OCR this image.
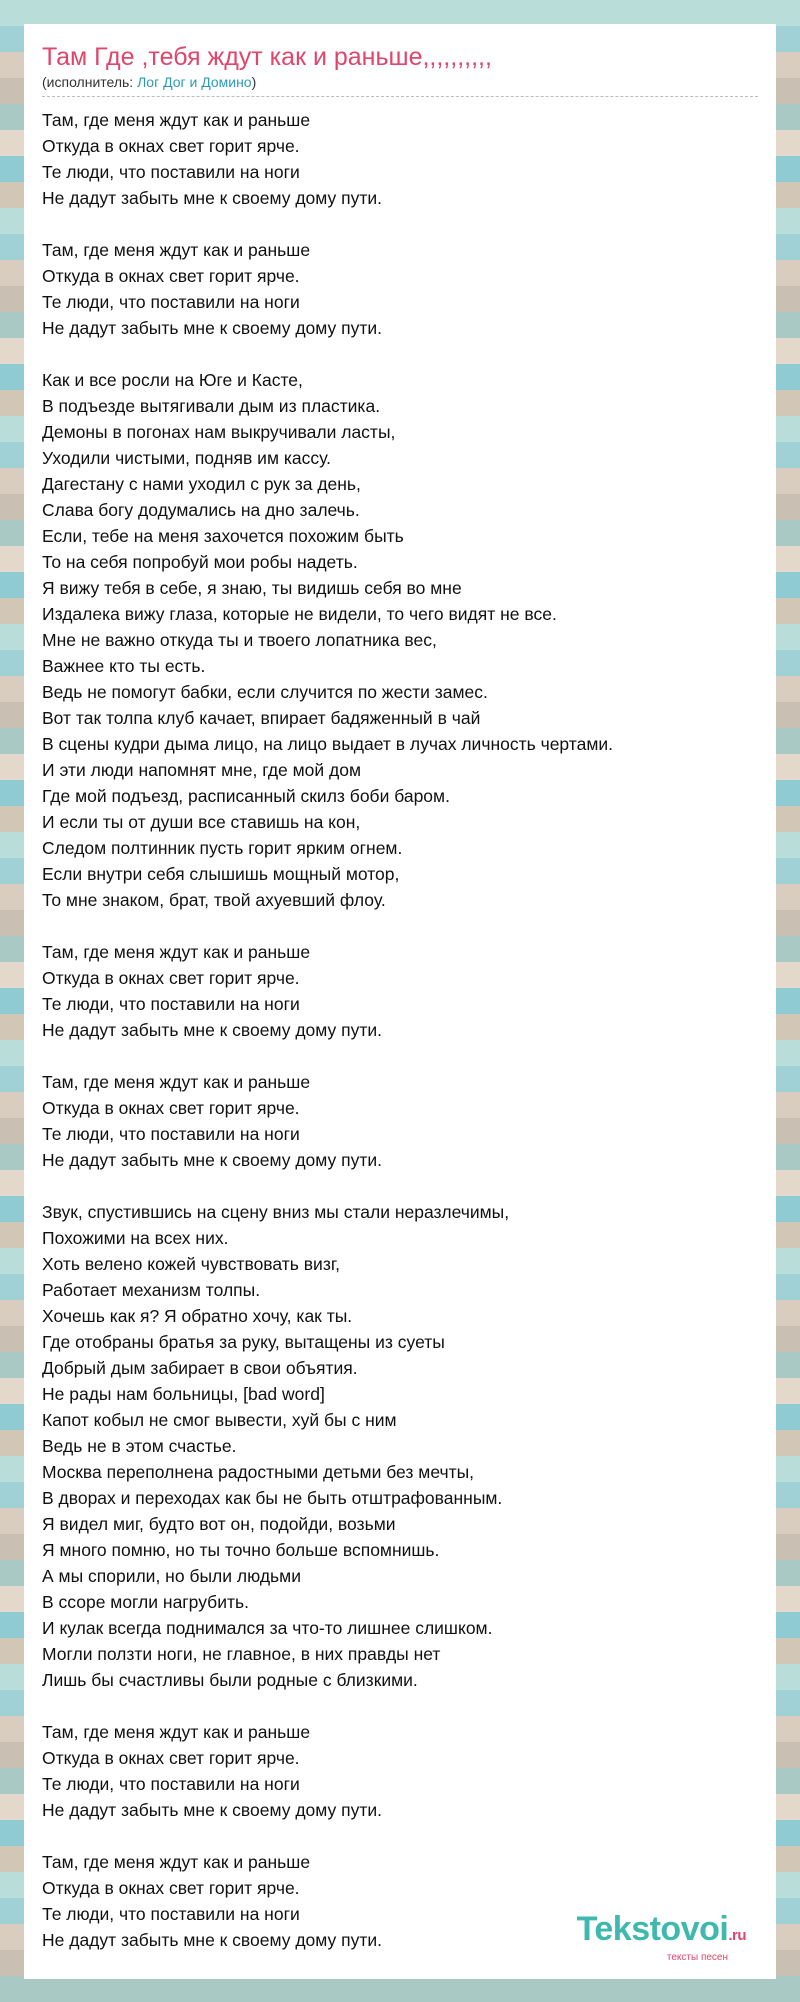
Там Где ,тебя ждут как и раньше,,,,,,,,,,
(исполнитель: Лог Дог и Домино)
Там, где меня ждут как и раньше
Откуда в окнах свет горит ярче.
Те люди, что поставили на ноги
Не дадут забыть мне к своему дому пути.
Там, где меня ждут как и раньше
Откуда в окнах свет горит ярче.
Те люди, что поставили на ноги
Не дадут забыть мне к своему дому пути.
Как и все росли на Юге и Касте,
В подъезде вытягивали дым из пластика.
Демоны в погонах нам выкручивали ласты,
Уходили чистыми, подняв им кассу.
Дагестану с нами уходил с рук за день,
Слава богу додумались на дно залечь.
Если, тебе на меня захочется похожим быть
То на себя попробуй мои робы надеть.
Я вижу тебя в себе, я знаю, ты видишь себя во мне
Издалека вижу глаза, которые не видели, то чего видят не все.
Мне не важно откуда ты и твоего лопатника вес,
Важнее кто ты есть.
Ведь не помогут бабки, если случится по жести замес.
Вот так толпа клуб качает, впирает бадяженный в чай
В сцены кудри дыма лицо, на лицо выдает в лучах личность чертами.
И эти люди напомнят мне, где мой дом
Где мой подъезд, расписанный скилз боби баром.
И если ты от души все ставишь на кон,
Следом полтинник пусть горит ярким огнем.
Если внутри себя слышишь мощный мотор,
То мне знаком, брат, твой ахуевший флоу.
Там, где меня ждут как и раньше
Откуда в окнах свет горит ярче.
Те люди, что поставили на ноги
Не дадут забыть мне к своему дому пути.
Там, где меня ждут как и раньше
Откуда в окнах свет горит ярче.
Те люди, что поставили на ноги
Не дадут забыть мне к своему дому пути.
Звук, спустившись на сцену вниз мы стали неразлечимы,
Похожими на всех них.
Хоть велено кожей чувствовать визг,
Работает механизм толпы.
Хочешь как я? Я обратно хочу, как ты.
Где отобраны братья за руку, вытащены из суеты
Добрый дым забирает в свои объятия.
Не рады нам больницы, [bad word]
Капот кобыл не смог вывести, хуй бы с ним
Ведь не в этом счастье.
Москва переполнена радостными детьми без мечты,
В дворах и переходах как бы не быть отштрафованным.
Я видел миг, будто вот он, подойди, возьми
Я много помню, но ты точно больше вспомнишь.
А мы спорили, но были людьми
В ссоре могли нагрубить.
И кулак всегда поднимался за что-то лишнее слишком.
Могли ползти ноги, не главное, в них правды нет
Лишь бы счастливы были родные с близкими.
Там, где меня ждут как и раньше
Откуда в окнах свет горит ярче.
Те люди, что поставили на ноги
Не дадут забыть мне к своему дому пути.
Там, где меня ждут как и раньше
Откуда в окнах свет горит ярче.
Те люди, что поставили на ноги
Не дадут забыть мне к своему дому пути.	Tekstovoi.ru
тексты песен
